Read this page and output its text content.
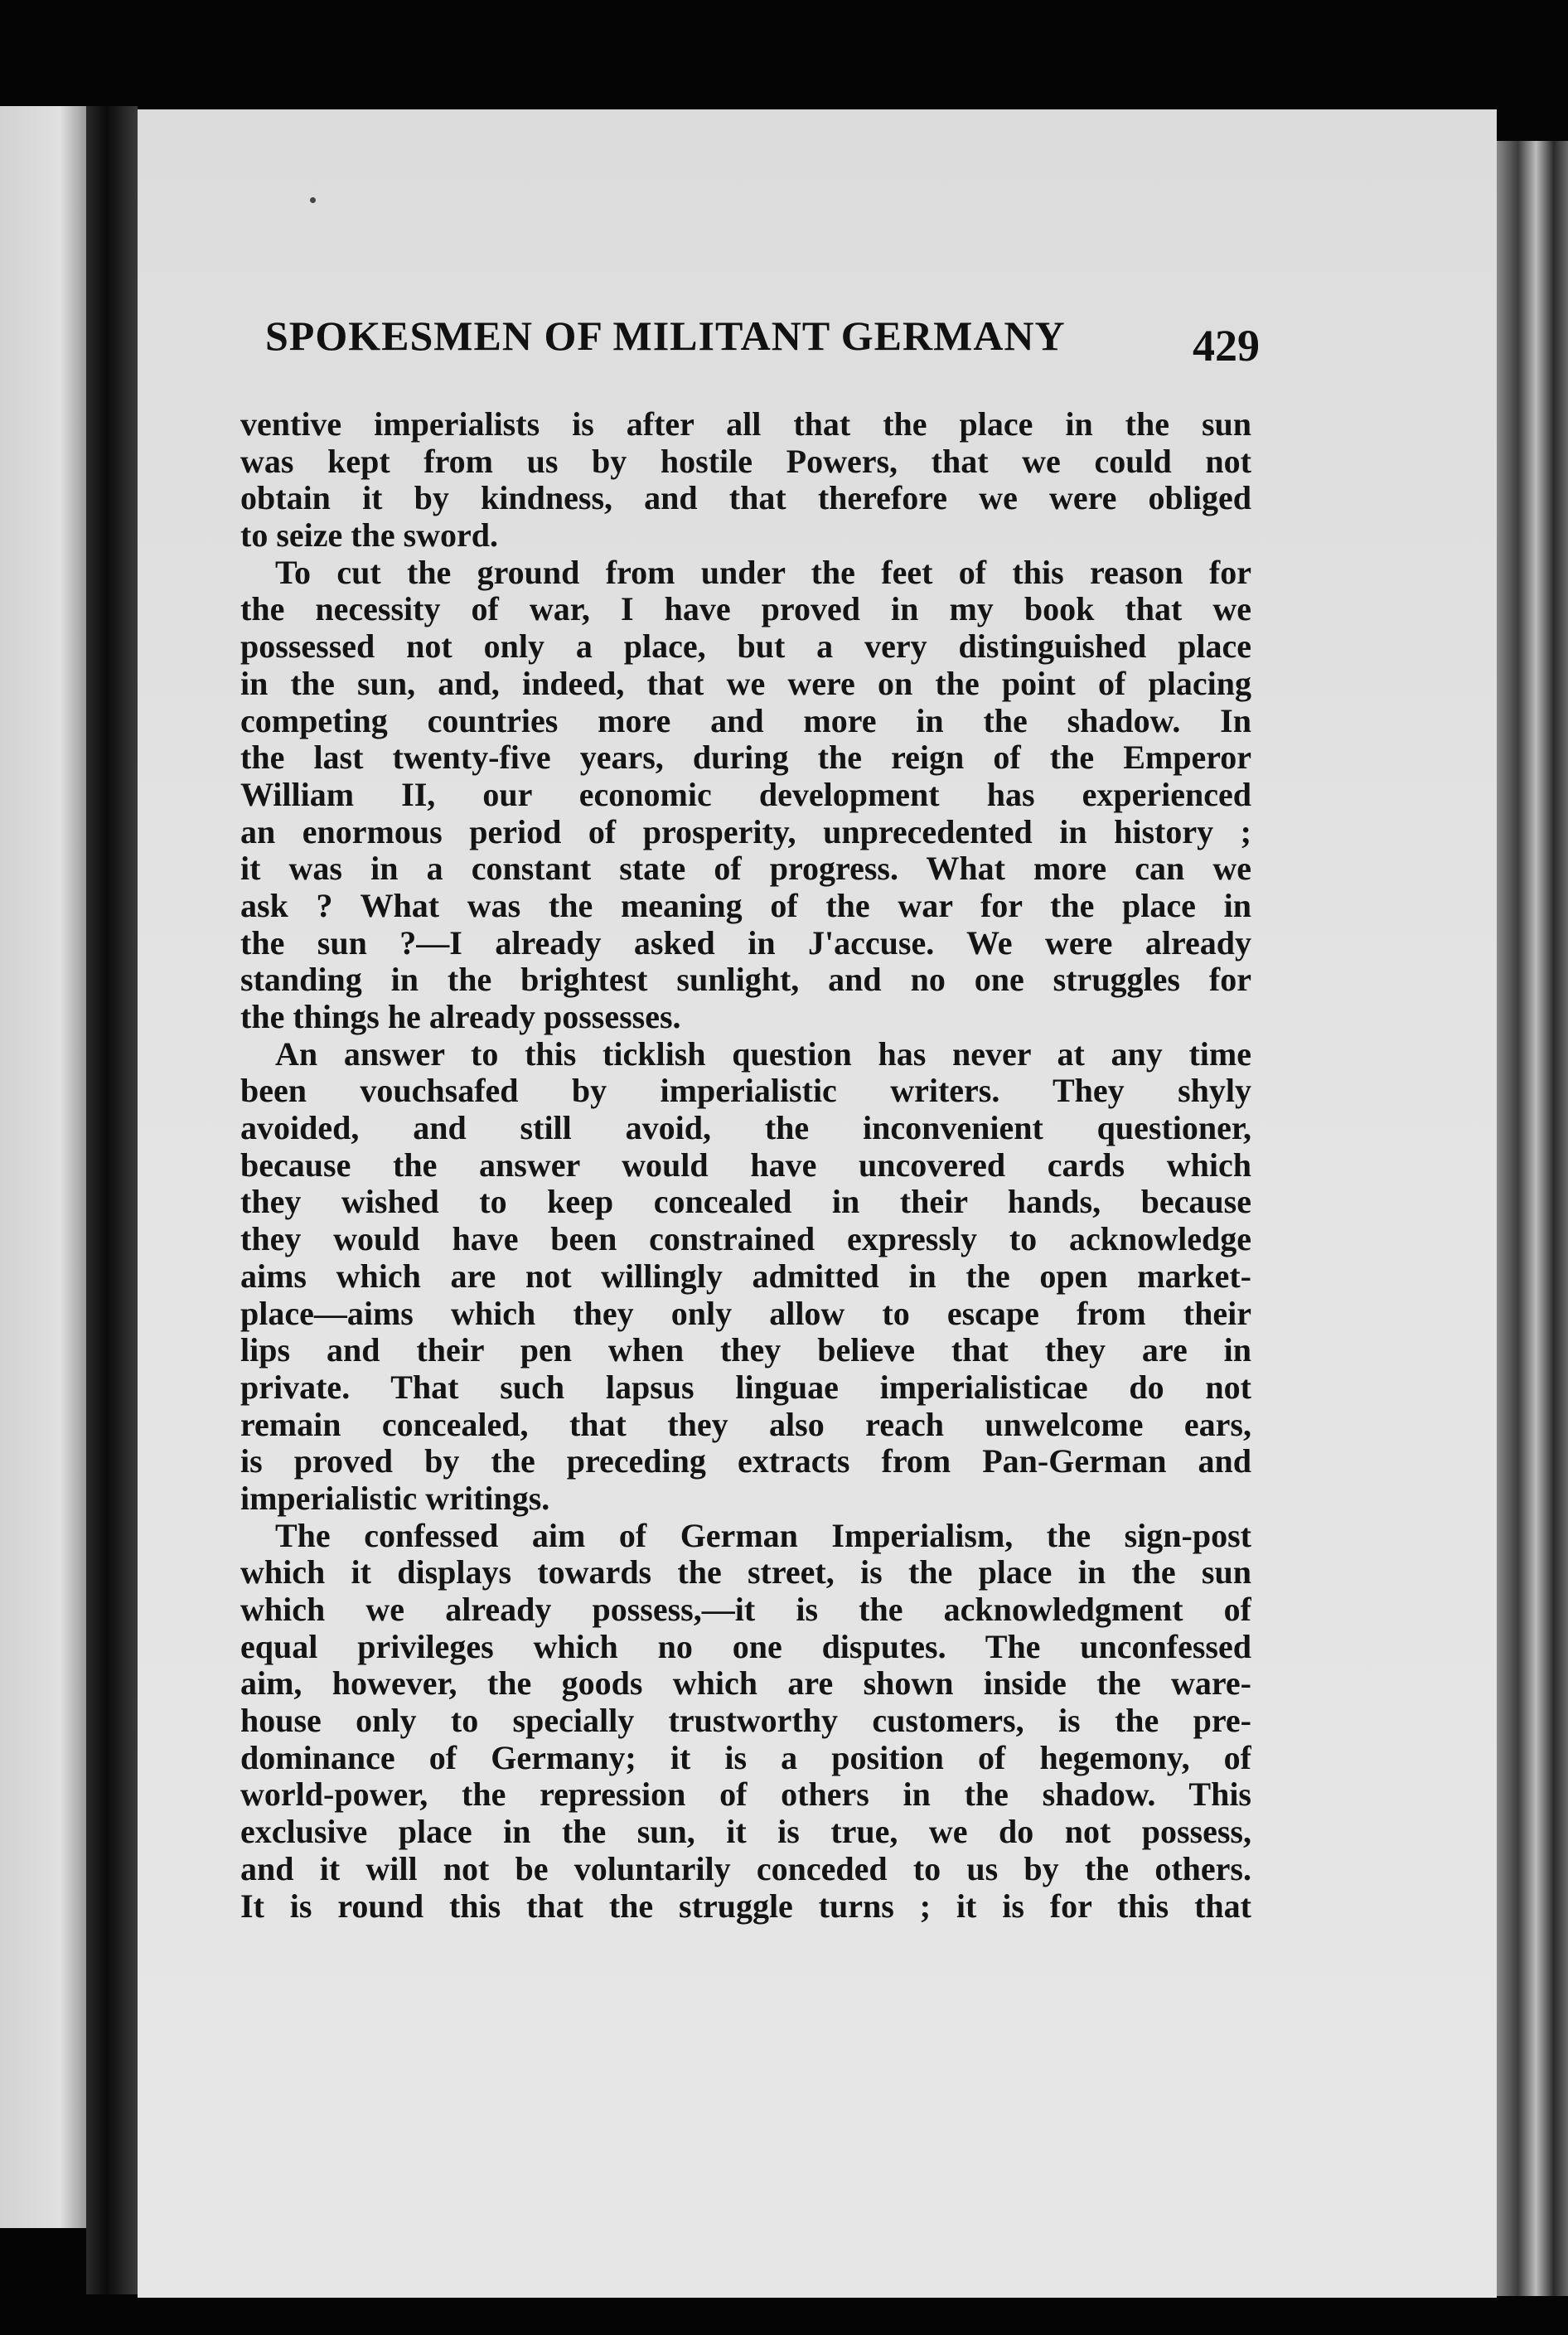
SPOKESMEN OF MILITANT GERMANY	429
ventive imperialists is after all that the place in the sun
was kept from us by hostile Powers, that we could not
obtain it by kindness, and that therefore we were obliged
to seize the sword.
To cut the ground from under the feet of this reason for
the necessity of war, I have proved in my book that we
possessed not only a place, but a very distinguished place
in the sun, and, indeed, that we were on the point of placing
competing countries more and more in the shadow. In
the last twenty-five years, during the reign of the Emperor
William II, our economic development has experienced
an enormous period of prosperity, unprecedented in history ;
it was in a constant state of progress. What more can we
ask ? What was the meaning of the war for the place in
the sun ?—I already asked in J'accuse. We were already
standing in the brightest sunlight, and no one struggles for
the things he already possesses.
An answer to this ticklish question has never at any time
been vouchsafed by imperialistic writers. They shyly
avoided, and still avoid, the inconvenient questioner,
because the answer would have uncovered cards which
they wished to keep concealed in their hands, because
they would have been constrained expressly to acknowledge
aims which are not willingly admitted in the open market-
place—aims which they only allow to escape from their
lips and their pen when they believe that they are in
private. That such lapsus linguae imperialisticae do not
remain concealed, that they also reach unwelcome ears,
is proved by the preceding extracts from Pan-German and
imperialistic writings.
The confessed aim of German Imperialism, the sign-post
which it displays towards the street, is the place in the sun
which we already possess,—it is the acknowledgment of
equal privileges which no one disputes. The unconfessed
aim, however, the goods which are shown inside the ware-
house only to specially trustworthy customers, is the pre-
dominance of Germany; it is a position of hegemony, of
world-power, the repression of others in the shadow. This
exclusive place in the sun, it is true, we do not possess,
and it will not be voluntarily conceded to us by the others.
It is round this that the struggle turns ; it is for this that
